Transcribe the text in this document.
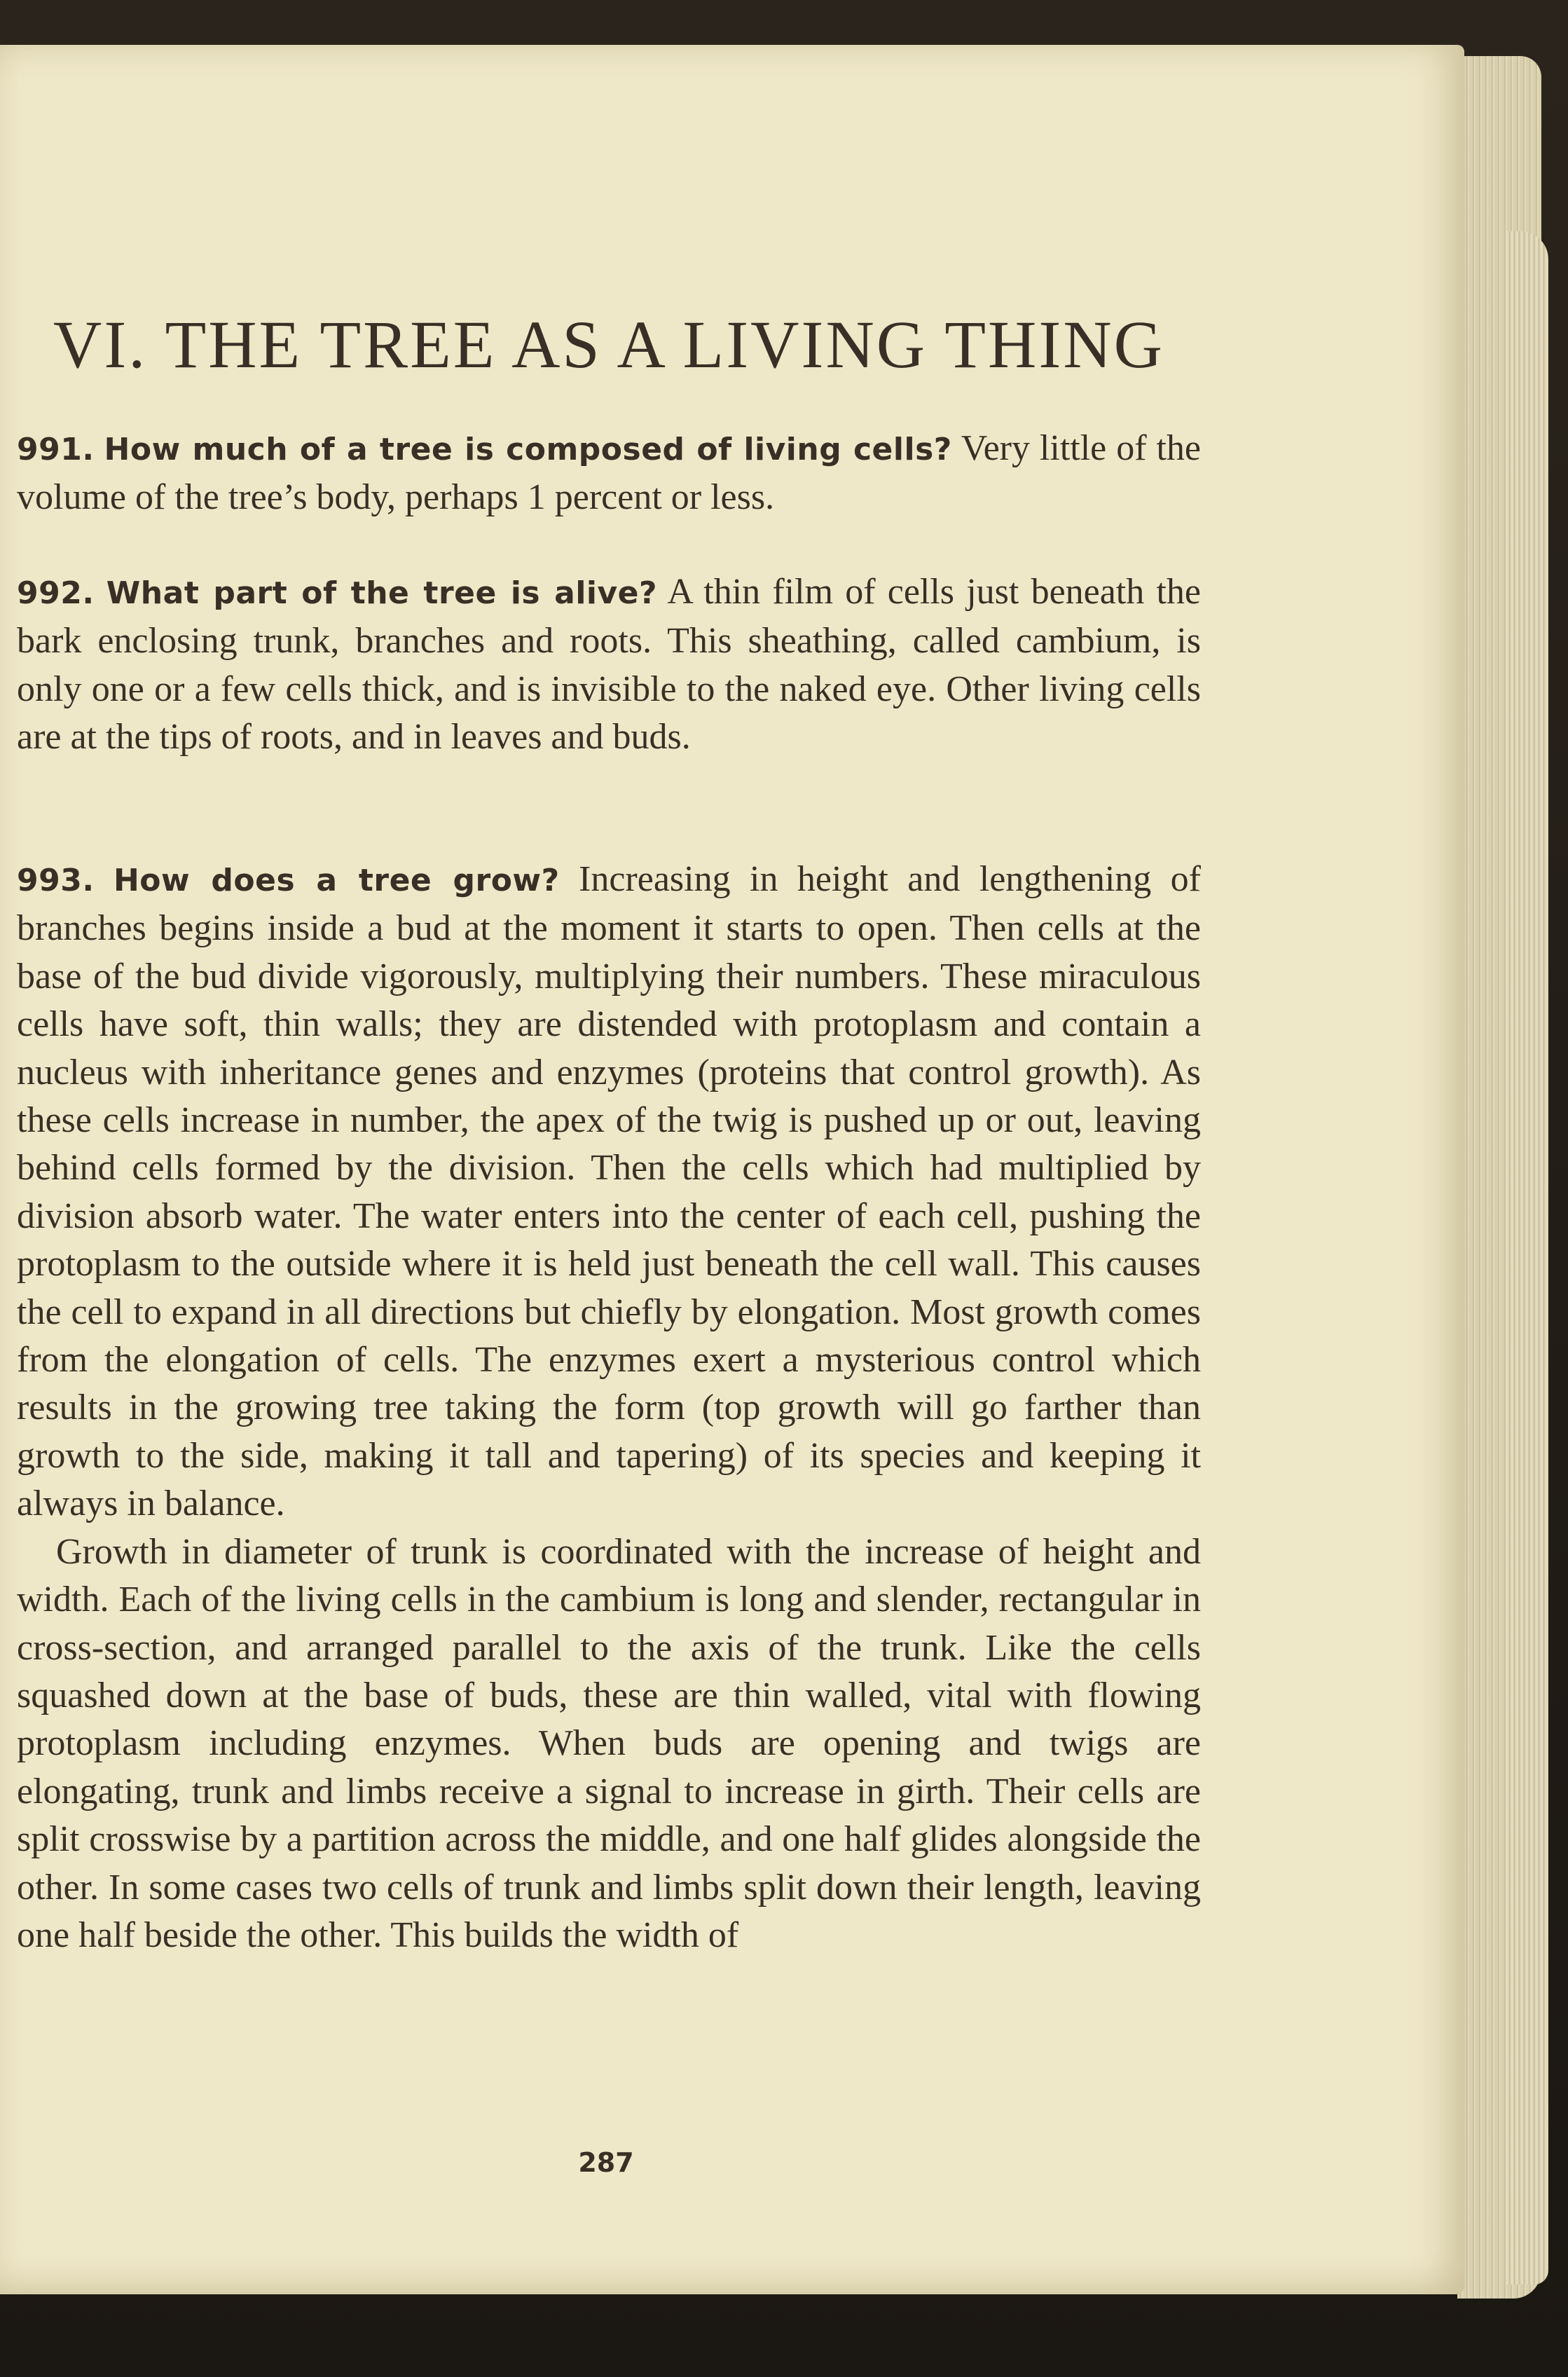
VI. THE TREE AS A LIVING THING

991. How much of a tree is composed of living cells? Very little of the volume of the tree’s body, perhaps 1 percent or less.

992. What part of the tree is alive? A thin film of cells just beneath the bark enclosing trunk, branches and roots. This sheathing, called cambium, is only one or a few cells thick, and is invisible to the naked eye. Other living cells are at the tips of roots, and in leaves and buds.

993. How does a tree grow? Increasing in height and lengthening of branches begins inside a bud at the moment it starts to open. Then cells at the base of the bud divide vigorously, multiplying their numbers. These miraculous cells have soft, thin walls; they are distended with protoplasm and contain a nucleus with inheritance genes and enzymes (proteins that control growth). As these cells increase in number, the apex of the twig is pushed up or out, leaving behind cells formed by the division. Then the cells which had multiplied by division absorb water. The water enters into the center of each cell, pushing the protoplasm to the outside where it is held just beneath the cell wall. This causes the cell to expand in all directions but chiefly by elongation. Most growth comes from the elongation of cells. The enzymes exert a mysterious control which results in the growing tree taking the form (top growth will go farther than growth to the side, making it tall and tapering) of its species and keeping it always in balance.

Growth in diameter of trunk is coordinated with the increase of height and width. Each of the living cells in the cambium is long and slender, rectangular in cross-section, and arranged parallel to the axis of the trunk. Like the cells squashed down at the base of buds, these are thin walled, vital with flowing protoplasm including enzymes. When buds are opening and twigs are elongating, trunk and limbs receive a signal to increase in girth. Their cells are split crosswise by a partition across the middle, and one half glides alongside the other. In some cases two cells of trunk and limbs split down their length, leaving one half beside the other. This builds the width of

287
